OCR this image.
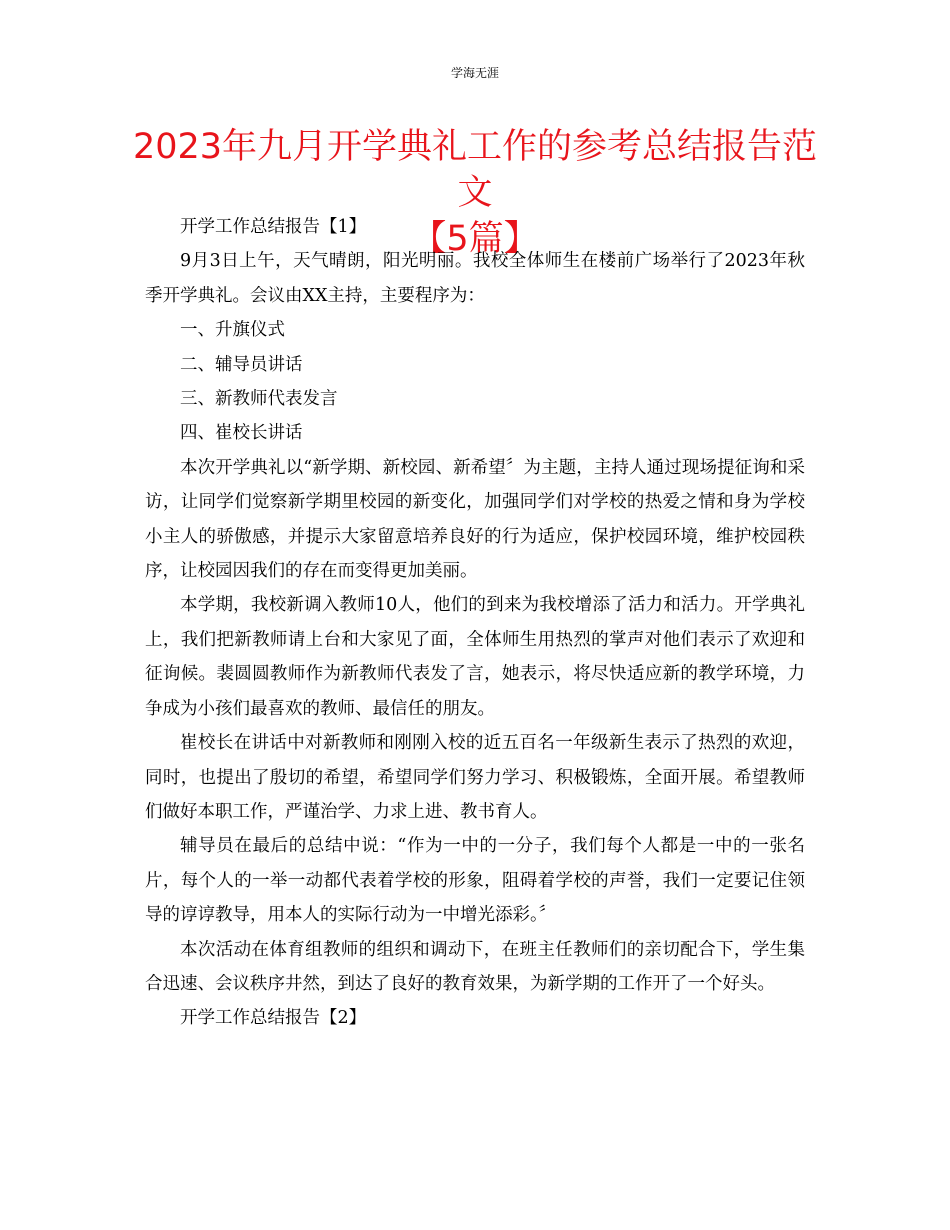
学海无涯
2023年九月开学典礼工作的参考总结报告范文
【5篇】

开学工作总结报告【1】

9月3日上午，天气晴朗，阳光明丽。我校全体师生在楼前广场举行了2023年秋季开学典礼。会议由XX主持，主要程序为：

一、升旗仪式

二、辅导员讲话

三、新教师代表发言

四、崔校长讲话

本次开学典礼以“新学期、新校园、新希望〞为主题，主持人通过现场提征询和采访，让同学们觉察新学期里校园的新变化，加强同学们对学校的热爱之情和身为学校小主人的骄傲感，并提示大家留意培养良好的行为适应，保护校园环境，维护校园秩序，让校园因我们的存在而变得更加美丽。

本学期，我校新调入教师10人，他们的到来为我校增添了活力和活力。开学典礼上，我们把新教师请上台和大家见了面，全体师生用热烈的掌声对他们表示了欢迎和征询候。裴圆圆教师作为新教师代表发了言，她表示，将尽快适应新的教学环境，力争成为小孩们最喜欢的教师、最信任的朋友。

崔校长在讲话中对新教师和刚刚入校的近五百名一年级新生表示了热烈的欢迎，同时，也提出了殷切的希望，希望同学们努力学习、积极锻炼，全面开展。希望教师们做好本职工作，严谨治学、力求上进、教书育人。

辅导员在最后的总结中说：“作为一中的一分子，我们每个人都是一中的一张名片，每个人的一举一动都代表着学校的形象，阻碍着学校的声誉，我们一定要记住领导的谆谆教导，用本人的实际行动为一中增光添彩。〞

本次活动在体育组教师的组织和调动下，在班主任教师们的亲切配合下，学生集合迅速、会议秩序井然，到达了良好的教育效果，为新学期的工作开了一个好头。

开学工作总结报告【2】
